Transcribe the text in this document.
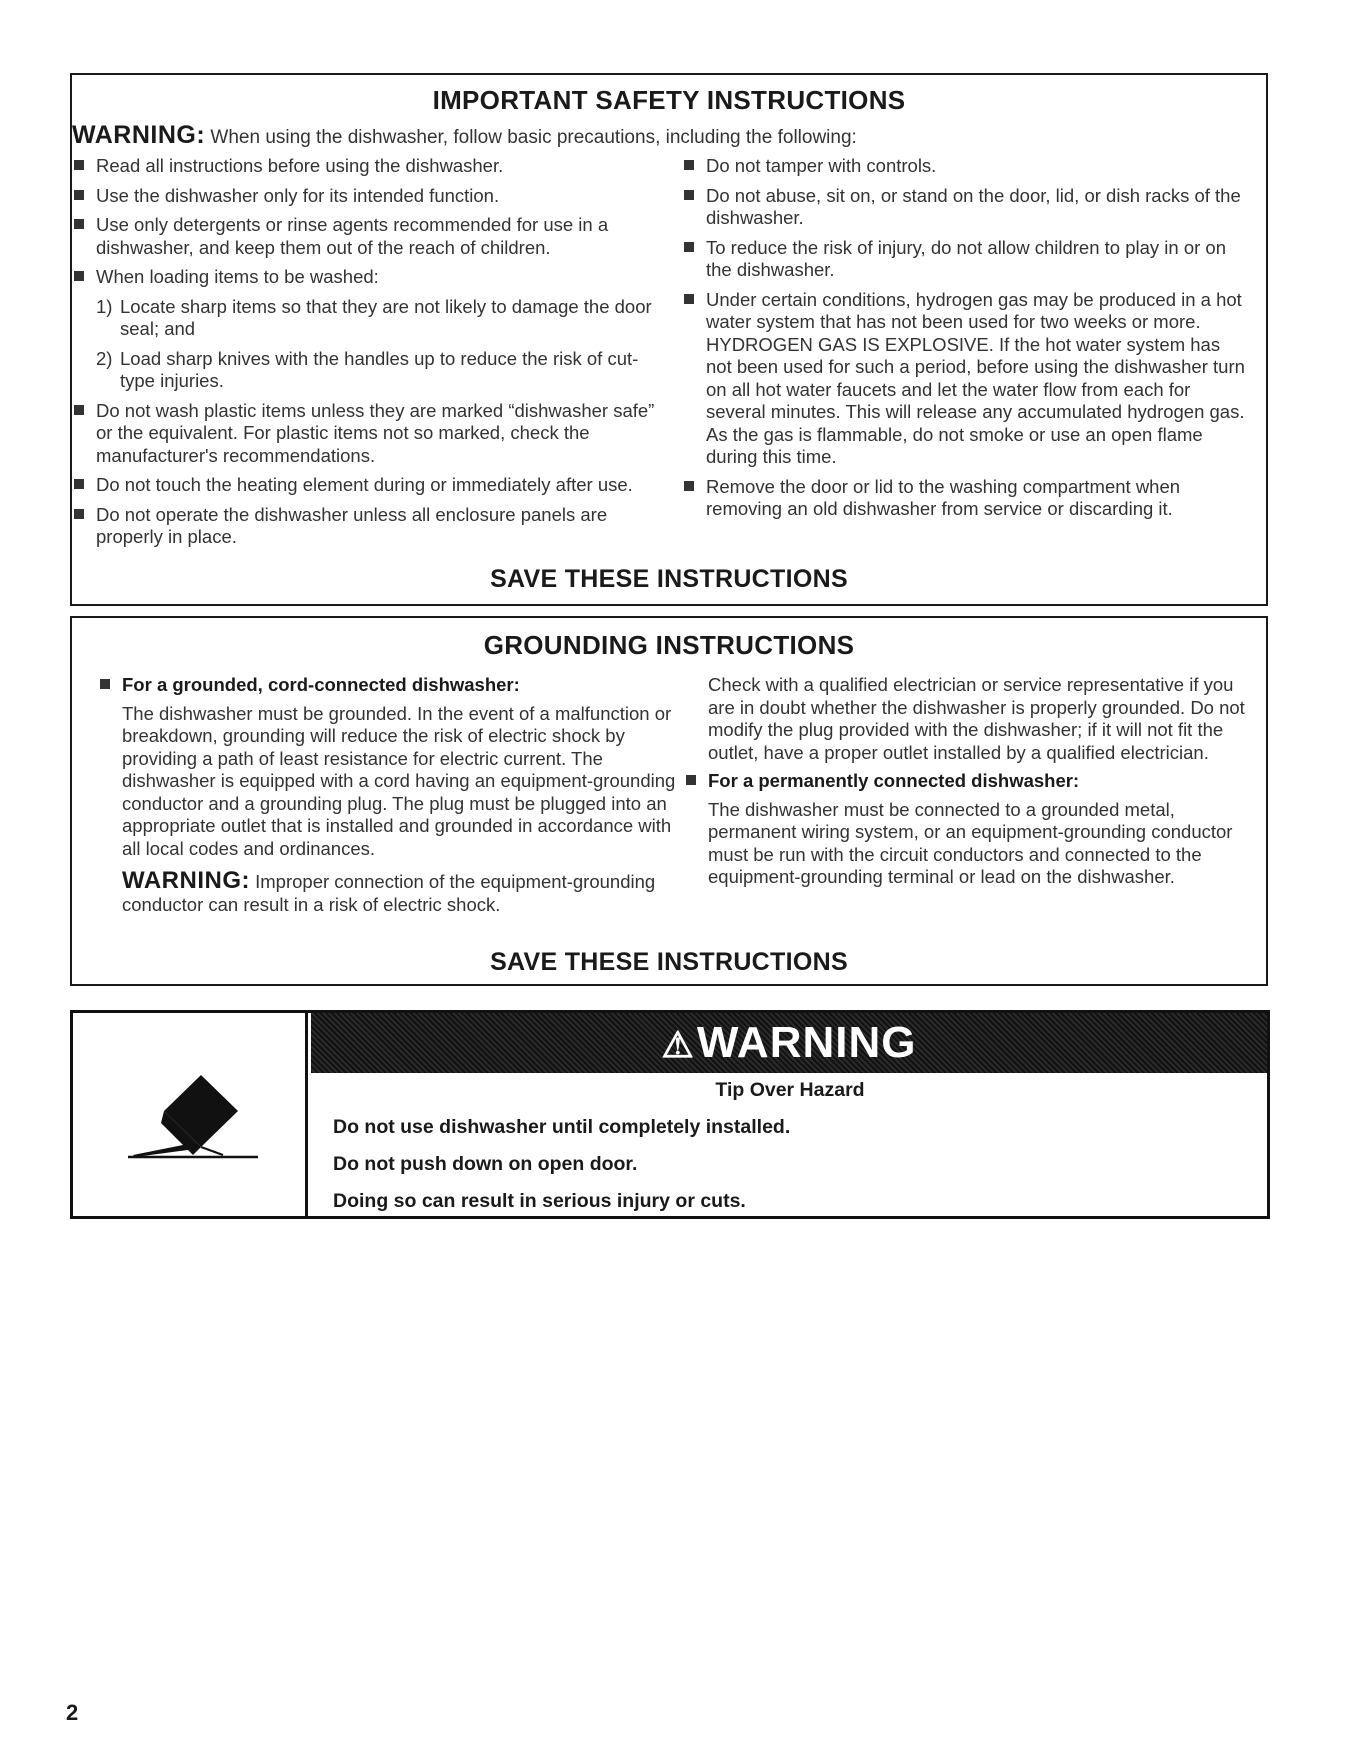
IMPORTANT SAFETY INSTRUCTIONS
WARNING: When using the dishwasher, follow basic precautions, including the following:
Read all instructions before using the dishwasher.
Use the dishwasher only for its intended function.
Use only detergents or rinse agents recommended for use in a dishwasher, and keep them out of the reach of children.
When loading items to be washed:
1) Locate sharp items so that they are not likely to damage the door seal; and
2) Load sharp knives with the handles up to reduce the risk of cut-type injuries.
Do not wash plastic items unless they are marked “dishwasher safe” or the equivalent. For plastic items not so marked, check the manufacturer's recommendations.
Do not touch the heating element during or immediately after use.
Do not operate the dishwasher unless all enclosure panels are properly in place.
Do not tamper with controls.
Do not abuse, sit on, or stand on the door, lid, or dish racks of the dishwasher.
To reduce the risk of injury, do not allow children to play in or on the dishwasher.
Under certain conditions, hydrogen gas may be produced in a hot water system that has not been used for two weeks or more. HYDROGEN GAS IS EXPLOSIVE. If the hot water system has not been used for such a period, before using the dishwasher turn on all hot water faucets and let the water flow from each for several minutes. This will release any accumulated hydrogen gas. As the gas is flammable, do not smoke or use an open flame during this time.
Remove the door or lid to the washing compartment when removing an old dishwasher from service or discarding it.
SAVE THESE INSTRUCTIONS
GROUNDING INSTRUCTIONS
For a grounded, cord-connected dishwasher:
The dishwasher must be grounded. In the event of a malfunction or breakdown, grounding will reduce the risk of electric shock by providing a path of least resistance for electric current. The dishwasher is equipped with a cord having an equipment-grounding conductor and a grounding plug. The plug must be plugged into an appropriate outlet that is installed and grounded in accordance with all local codes and ordinances.
WARNING: Improper connection of the equipment-grounding conductor can result in a risk of electric shock.
Check with a qualified electrician or service representative if you are in doubt whether the dishwasher is properly grounded. Do not modify the plug provided with the dishwasher; if it will not fit the outlet, have a proper outlet installed by a qualified electrician.
For a permanently connected dishwasher:
The dishwasher must be connected to a grounded metal, permanent wiring system, or an equipment-grounding conductor must be run with the circuit conductors and connected to the equipment-grounding terminal or lead on the dishwasher.
SAVE THESE INSTRUCTIONS
⚠WARNING
Tip Over Hazard
Do not use dishwasher until completely installed.
Do not push down on open door.
Doing so can result in serious injury or cuts.
2
